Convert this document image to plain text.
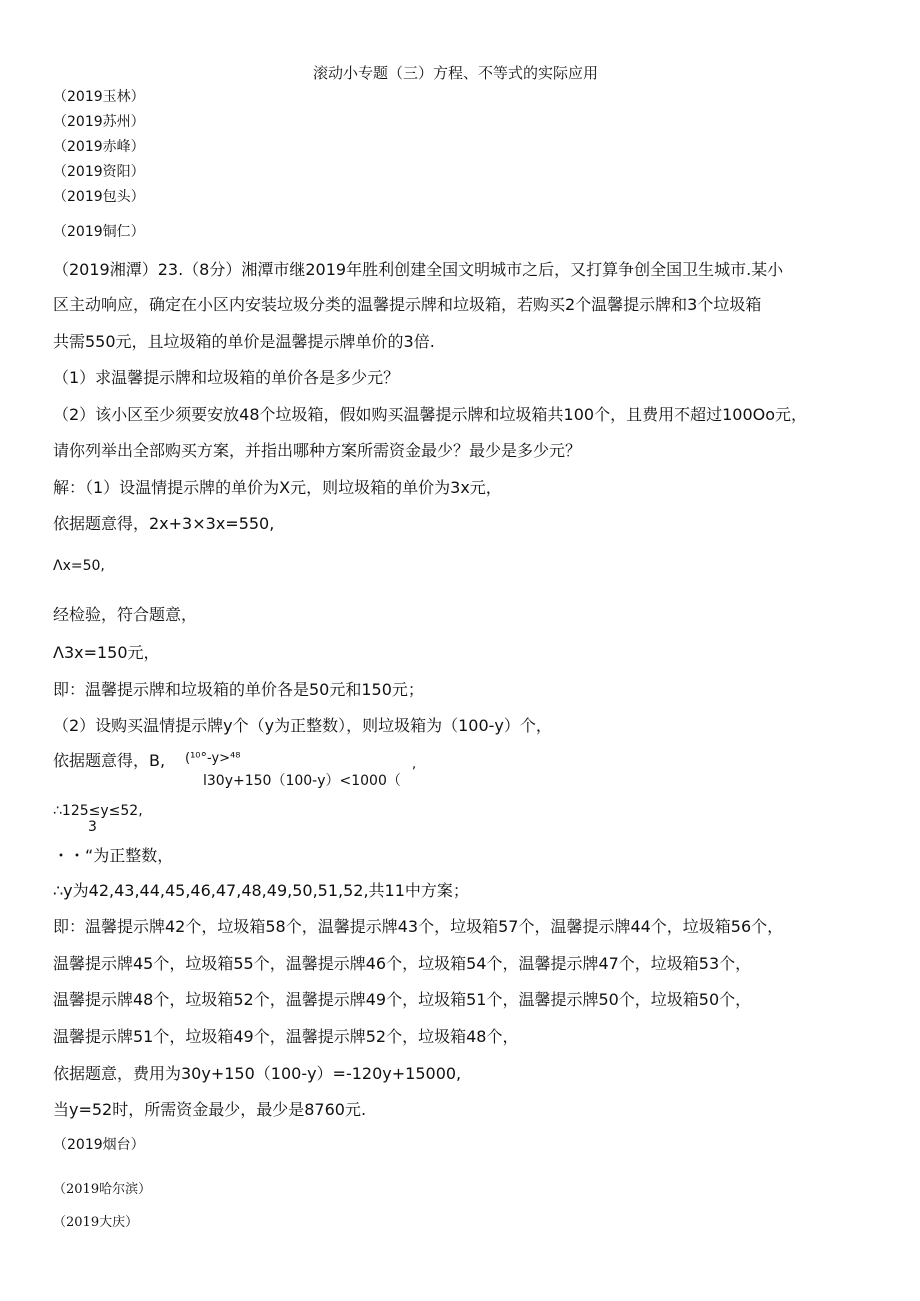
滚动小专题（三）方程、不等式的实际应用
（2019玉林）
（2019苏州）
（2019赤峰）
（2019资阳）
（2019包头）
（2019铜仁）
（2019湘潭）23.（8分）湘潭市继2019年胜利创建全国文明城市之后，又打算争创全国卫生城市.某小
区主动响应，确定在小区内安装垃圾分类的温馨提示牌和垃圾箱，若购买2个温馨提示牌和3个垃圾箱
共需550元，且垃圾箱的单价是温馨提示牌单价的3倍.
（1）求温馨提示牌和垃圾箱的单价各是多少元？
（2）该小区至少须要安放48个垃圾箱，假如购买温馨提示牌和垃圾箱共100个，且费用不超过100Oo元，
请你列举出全部购买方案，并指出哪种方案所需资金最少？最少是多少元？
解：（1）设温情提示牌的单价为X元，则垃圾箱的单价为3x元，
依据题意得，2x+3×3x=550,
Λx=50,
经检验，符合题意，
Λ3x=150元，
即：温馨提示牌和垃圾箱的单价各是50元和150元；
（2）设购买温情提示牌y个（y为正整数），则垃圾箱为（100-y）个，
依据题意得，B, (¹⁰°-y>⁴⁸	,
l30y+150（100-y）<1000（
∴125≤y≤52,
3
・・“为正整数，
∴y为42,43,44,45,46,47,48,49,50,51,52,共11中方案；
即：温馨提示牌42个，垃圾箱58个，温馨提示牌43个，垃圾箱57个，温馨提示牌44个，垃圾箱56个，
温馨提示牌45个，垃圾箱55个，温馨提示牌46个，垃圾箱54个，温馨提示牌47个，垃圾箱53个，
温馨提示牌48个，垃圾箱52个，温馨提示牌49个，垃圾箱51个，温馨提示牌50个，垃圾箱50个，
温馨提示牌51个，垃圾箱49个，温馨提示牌52个，垃圾箱48个，
依据题意，费用为30y+150（100-y）=-120y+15000,
当y=52时，所需资金最少，最少是8760元.
（2019烟台）
（2019哈尔滨）
（2019大庆）
